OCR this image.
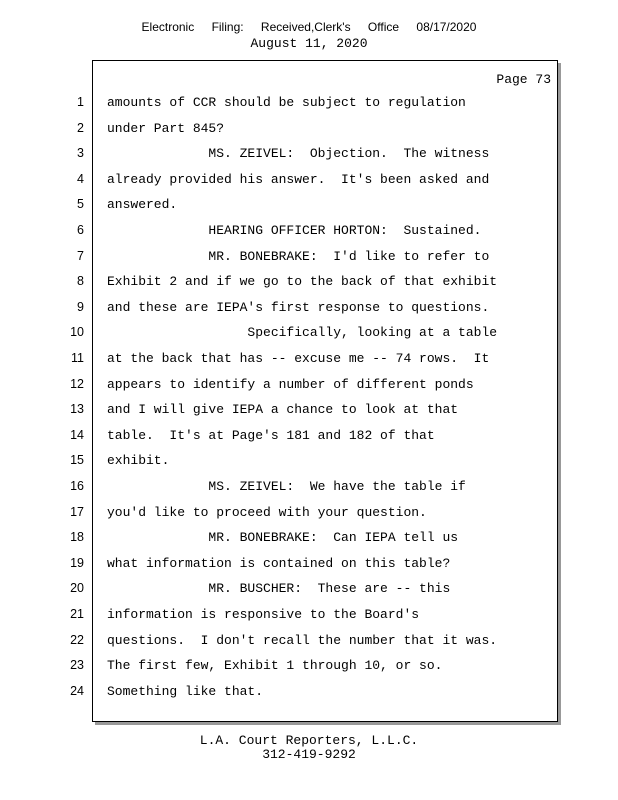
Electronic Filing: Received,Clerk's Office 08/17/2020
August 11, 2020
Page 73
1 amounts of CCR should be subject to regulation
2 under Part 845?
3 MS. ZEIVEL:  Objection.  The witness
4 already provided his answer.  It's been asked and
5 answered.
6 HEARING OFFICER HORTON:  Sustained.
7 MR. BONEBRAKE:  I'd like to refer to
8 Exhibit 2 and if we go to the back of that exhibit
9 and these are IEPA's first response to questions.
10 Specifically, looking at a table
11 at the back that has -- excuse me -- 74 rows.  It
12 appears to identify a number of different ponds
13 and I will give IEPA a chance to look at that
14 table.  It's at Page's 181 and 182 of that
15 exhibit.
16 MS. ZEIVEL:  We have the table if
17 you'd like to proceed with your question.
18 MR. BONEBRAKE:  Can IEPA tell us
19 what information is contained on this table?
20 MR. BUSCHER:  These are -- this
21 information is responsive to the Board's
22 questions.  I don't recall the number that it was.
23 The first few, Exhibit 1 through 10, or so.
24 Something like that.
L.A. Court Reporters, L.L.C.
312-419-9292
